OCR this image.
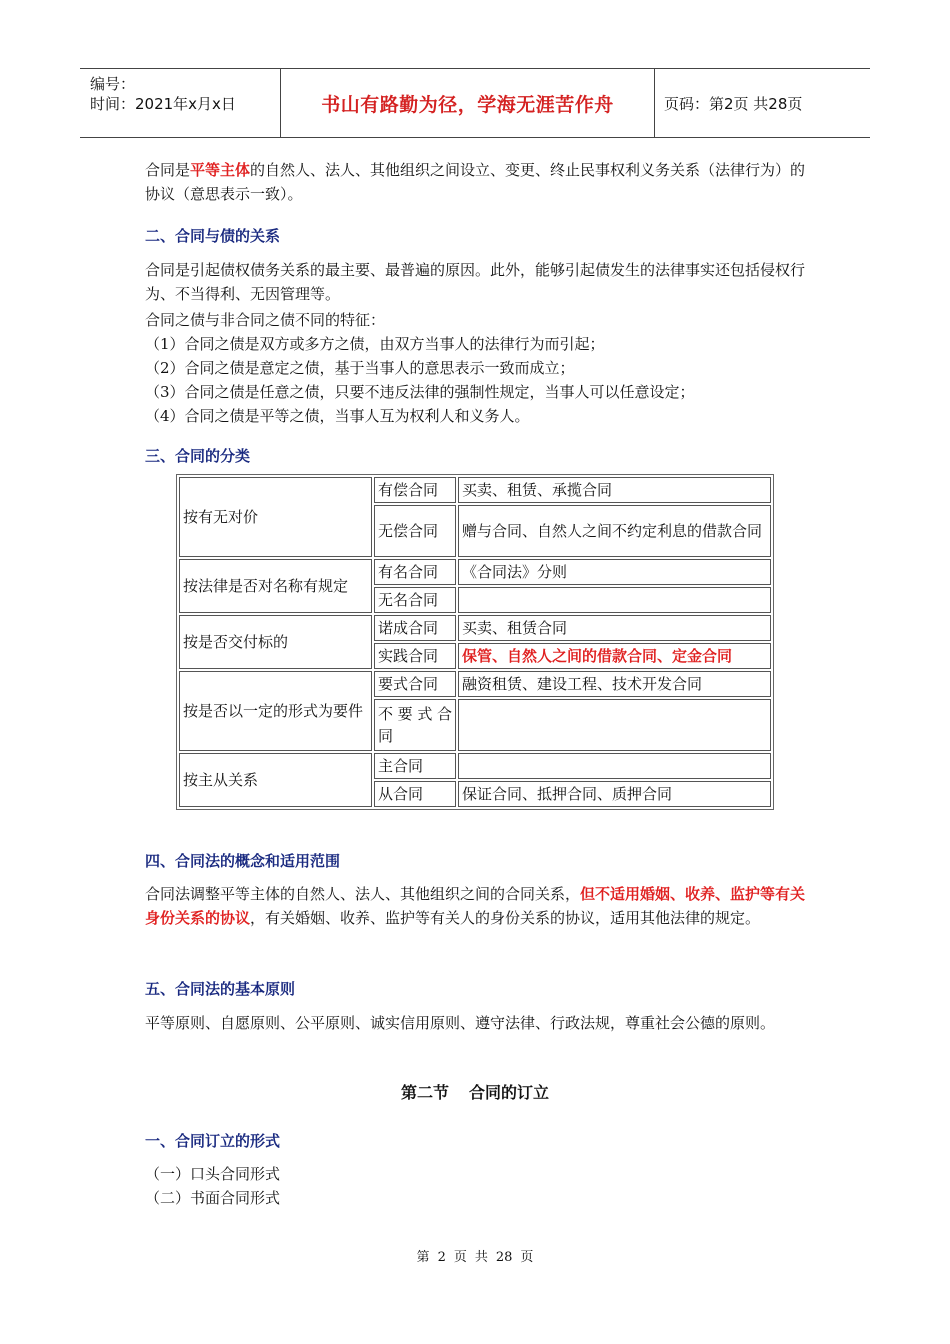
编号：
时间：2021年x月x日	书山有路勤为径，学海无涯苦作舟	页码：第2页 共28页
合同是平等主体的自然人、法人、其他组织之间设立、变更、终止民事权利义务关系（法律行为）的协议（意思表示一致）。
二、合同与债的关系
合同是引起债权债务关系的最主要、最普遍的原因。此外，能够引起债发生的法律事实还包括侵权行为、不当得利、无因管理等。
合同之债与非合同之债不同的特征：
（1）合同之债是双方或多方之债，由双方当事人的法律行为而引起；
（2）合同之债是意定之债，基于当事人的意思表示一致而成立；
（3）合同之债是任意之债，只要不违反法律的强制性规定，当事人可以任意设定；
（4）合同之债是平等之债，当事人互为权利人和义务人。
三、合同的分类
按有无对价	有偿合同	买卖、租赁、承揽合同
	无偿合同	赠与合同、自然人之间不约定利息的借款合同
按法律是否对名称有规定	有名合同	《合同法》分则
	无名合同	
按是否交付标的	诺成合同	买卖、租赁合同
	实践合同	保管、自然人之间的借款合同、定金合同
按是否以一定的形式为要件	要式合同	融资租赁、建设工程、技术开发合同
	不要式合同	
按主从关系	主合同	
	从合同	保证合同、抵押合同、质押合同
四、合同法的概念和适用范围
合同法调整平等主体的自然人、法人、其他组织之间的合同关系，但不适用婚姻、收养、监护等有关身份关系的协议，有关婚姻、收养、监护等有关人的身份关系的协议，适用其他法律的规定。
五、合同法的基本原则
平等原则、自愿原则、公平原则、诚实信用原则、遵守法律、行政法规，尊重社会公德的原则。
第二节 合同的订立
一、合同订立的形式
（一）口头合同形式
（二）书面合同形式
第 2 页 共 28 页
